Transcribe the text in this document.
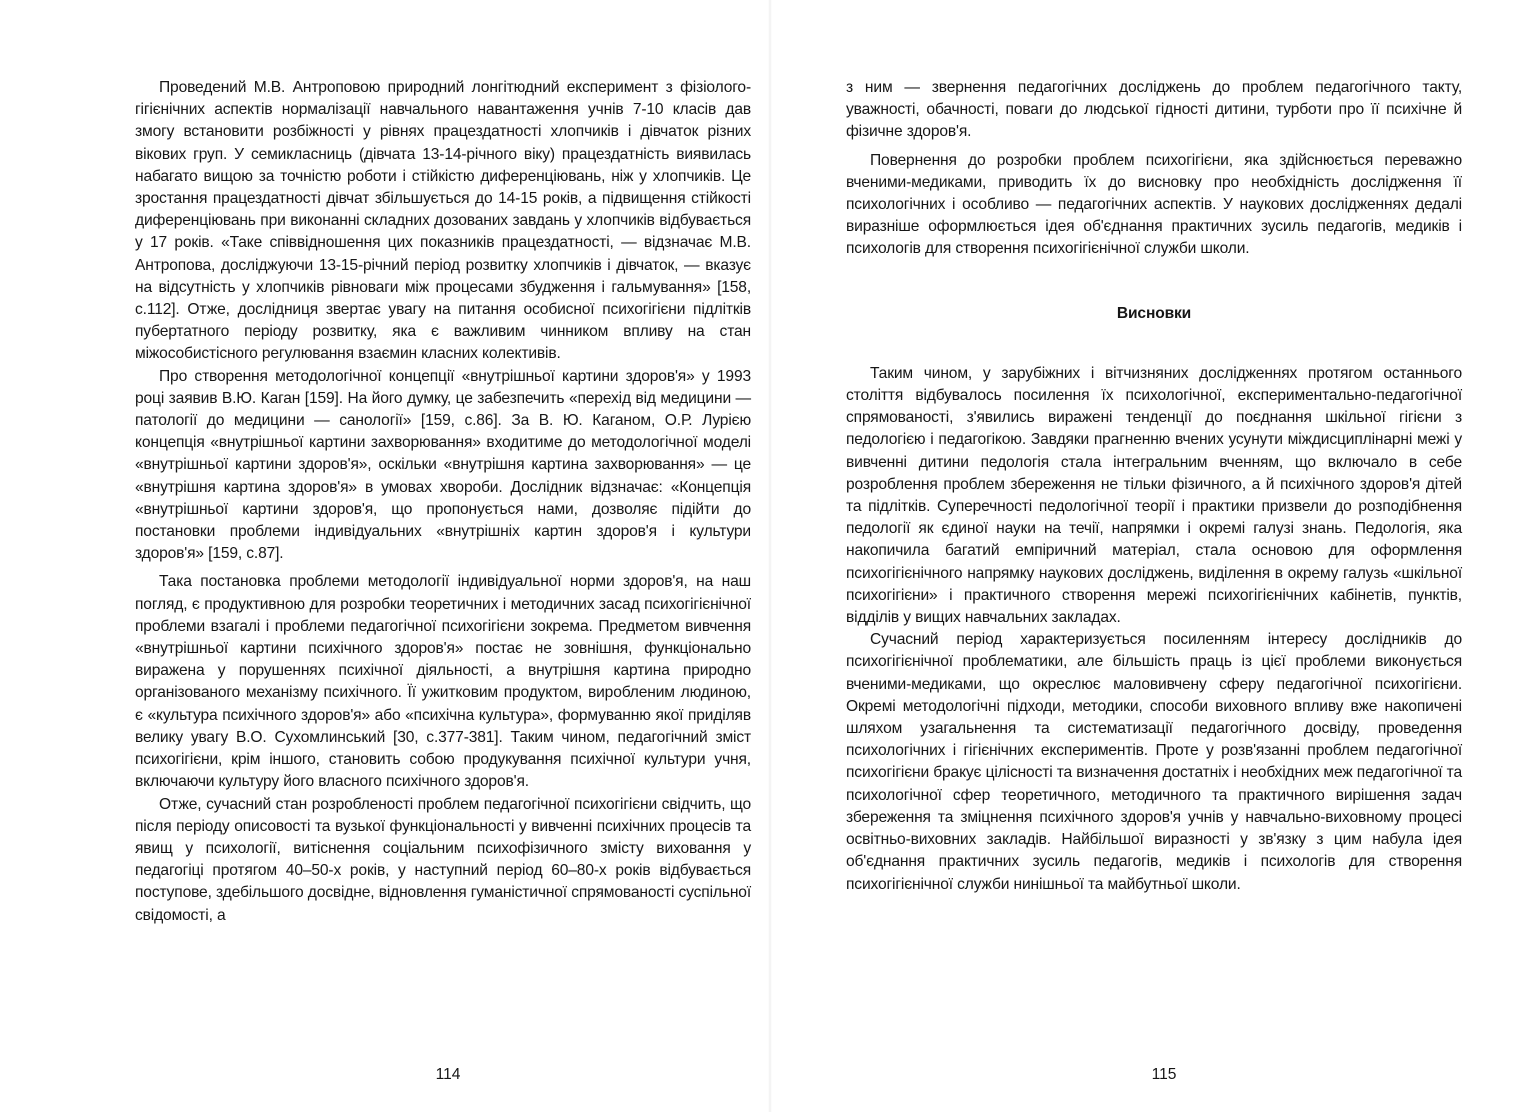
Проведений М.В. Антроповою природний лонгітюдний експеримент з фізіолого-гігієнічних аспектів нормалізації навчального навантаження учнів 7-10 класів дав змогу встановити розбіжності у рівнях працездатності хлопчиків і дівчаток різних вікових груп. У семикласниць (дівчата 13-14-річного віку) працездатність виявилась набагато вищою за точністю роботи і стійкістю диференціювань, ніж у хлопчиків. Це зростання працездатності дівчат збільшується до 14-15 років, а підвищення стійкості диференціювань при виконанні складних дозованих завдань у хлопчиків відбувається у 17 років. «Таке співвідношення цих показників працездатності, — відзначає М.В. Антропова, досліджуючи 13-15-річний період розвитку хлопчиків і дівчаток, — вказує на відсутність у хлопчиків рівноваги між процесами збудження і гальмування» [158, с.112]. Отже, дослідниця звертає увагу на питання особисної психогігієни підлітків пубертатного періоду розвитку, яка є важливим чинником впливу на стан міжособистісного регулювання взаємин класних колективів.

Про створення методологічної концепції «внутрішньої картини здоров'я» у 1993 році заявив В.Ю. Каган [159]. На його думку, це забезпечить «перехід від медицини — патології до медицини — санології» [159, с.86]. За В. Ю. Каганом, О.Р. Лурією концепція «внутрішньої картини захворювання» входитиме до методологічної моделі «внутрішньої картини здоров'я», оскільки «внутрішня картина захворювання» — це «внутрішня картина здоров'я» в умовах хвороби. Дослідник відзначає: «Концепція «внутрішньої картини здоров'я, що пропонується нами, дозволяє підійти до постановки проблеми індивідуальних «внутрішніх картин здоров'я і культури здоров'я» [159, с.87].

Така постановка проблеми методології індивідуальної норми здоров'я, на наш погляд, є продуктивною для розробки теоретичних і методичних засад психогігієнічної проблеми взагалі і проблеми педагогічної психогігієни зокрема. Предметом вивчення «внутрішньої картини психічного здоров'я» постає не зовнішня, функціонально виражена у порушеннях психічної діяльності, а внутрішня картина природно організованого механізму психічного. Її ужитковим продуктом, виробленим людиною, є «культура психічного здоров'я» або «психічна культура», формуванню якої приділяв велику увагу В.О. Сухомлинський [30, с.377-381]. Таким чином, педагогічний зміст психогігієни, крім іншого, становить собою продукування психічної культури учня, включаючи культуру його власного психічного здоров'я.

Отже, сучасний стан розробленості проблем педагогічної психогігієни свідчить, що після періоду описовості та вузької функціональності у вивченні психічних процесів та явищ у психології, витіснення соціальним психофізичного змісту виховання у педагогіці протягом 40–50-х років, у наступний період 60–80-х років відбувається поступове, здебільшого досвідне, відновлення гуманістичної спрямованості суспільної свідомості, а

114

з ним — звернення педагогічних досліджень до проблем педагогічного такту, уважності, обачності, поваги до людської гідності дитини, турботи про її психічне й фізичне здоров'я.

Повернення до розробки проблем психогігієни, яка здійснюється переважно вченими-медиками, приводить їх до висновку про необхідність дослідження її психологічних і особливо — педагогічних аспектів. У наукових дослідженнях дедалі виразніше оформлюється ідея об'єднання практичних зусиль педагогів, медиків і психологів для створення психогігієнічної служби школи.

Висновки

Таким чином, у зарубіжних і вітчизняних дослідженнях протягом останнього століття відбувалось посилення їх психологічної, експериментально-педагогічної спрямованості, з'явились виражені тенденції до поєднання шкільної гігієни з педологією і педагогікою. Завдяки прагненню вчених усунути міждисциплінарні межі у вивченні дитини педологія стала інтегральним вченням, що включало в себе розроблення проблем збереження не тільки фізичного, а й психічного здоров'я дітей та підлітків. Суперечності педологічної теорії і практики призвели до розподібнення педології як єдиної науки на течії, напрямки і окремі галузі знань. Педологія, яка накопичила багатий емпіричний матеріал, стала основою для оформлення психогігієнічного напрямку наукових досліджень, виділення в окрему галузь «шкільної психогігієни» і практичного створення мережі психогігієнічних кабінетів, пунктів, відділів у вищих навчальних закладах.

Сучасний період характеризується посиленням інтересу дослідників до психогігієнічної проблематики, але більшість праць із цієї проблеми виконується вченими-медиками, що окреслює маловивчену сферу педагогічної психогігієни. Окремі методологічні підходи, методики, способи виховного впливу вже накопичені шляхом узагальнення та систематизації педагогічного досвіду, проведення психологічних і гігієнічних експериментів. Проте у розв'язанні проблем педагогічної психогігієни бракує цілісності та визначення достатніх і необхідних меж педагогічної та психологічної сфер теоретичного, методичного та практичного вирішення задач збереження та зміцнення психічного здоров'я учнів у навчально-виховному процесі освітньо-виховних закладів. Найбільшої виразності у зв'язку з цим набула ідея об'єднання практичних зусиль педагогів, медиків і психологів для створення психогігієнічної служби нинішньої та майбутньої школи.

115
